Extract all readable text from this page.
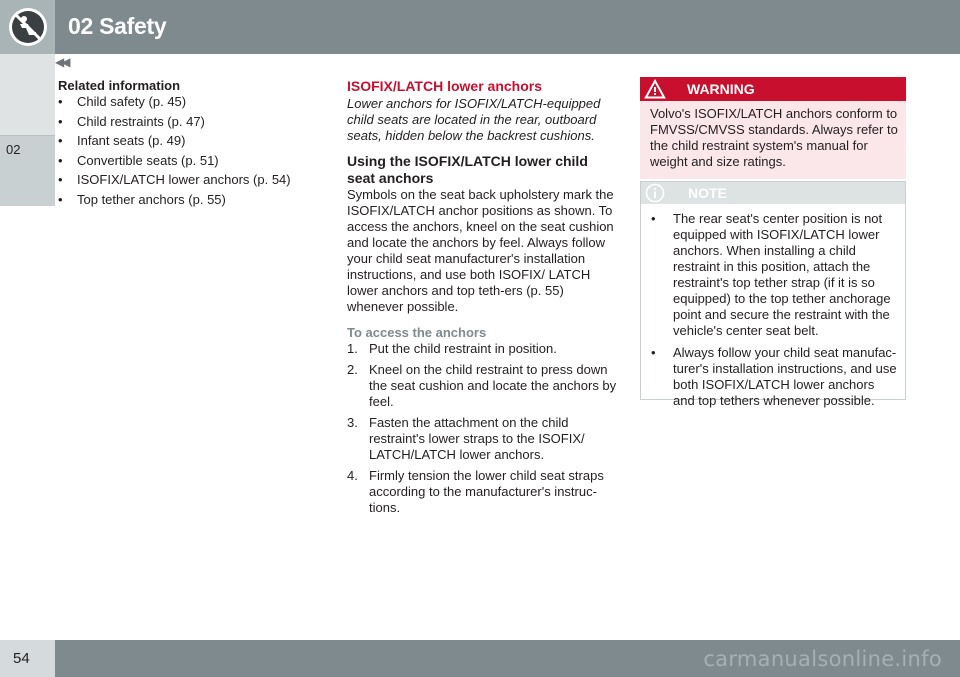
02 Safety
02
◀◀
Related information
• Child safety (p. 45)
• Child restraints (p. 47)
• Infant seats (p. 49)
• Convertible seats (p. 51)
• ISOFIX/LATCH lower anchors (p. 54)
• Top tether anchors (p. 55)
ISOFIX/LATCH lower anchors

Lower anchors for ISOFIX/LATCH-equipped child seats are located in the rear, outboard seats, hidden below the backrest cushions.

Using the ISOFIX/LATCH lower child seat anchors

Symbols on the seat back upholstery mark the ISOFIX/LATCH anchor positions as shown. To access the anchors, kneel on the seat cushion and locate the anchors by feel. Always follow your child seat manufacturer's installation instructions, and use both ISOFIX/ LATCH lower anchors and top teth-ers (p. 55) whenever possible.

To access the anchors
1. Put the child restraint in position.
2. Kneel on the child restraint to press down the seat cushion and locate the anchors by feel.
3. Fasten the attachment on the child restraint's lower straps to the ISOFIX/ LATCH/LATCH lower anchors.
4. Firmly tension the lower child seat straps according to the manufacturer's instruc-tions.
WARNING
Volvo's ISOFIX/LATCH anchors conform to FMVSS/CMVSS standards. Always refer to the child restraint system's manual for weight and size ratings.
NOTE
• The rear seat's center position is not equipped with ISOFIX/LATCH lower anchors. When installing a child restraint in this position, attach the restraint's top tether strap (if it is so equipped) to the top tether anchorage point and secure the restraint with the vehicle's center seat belt.
• Always follow your child seat manufac-turer's installation instructions, and use both ISOFIX/LATCH lower anchors and top tethers whenever possible.
54	carmanualsonline.info
